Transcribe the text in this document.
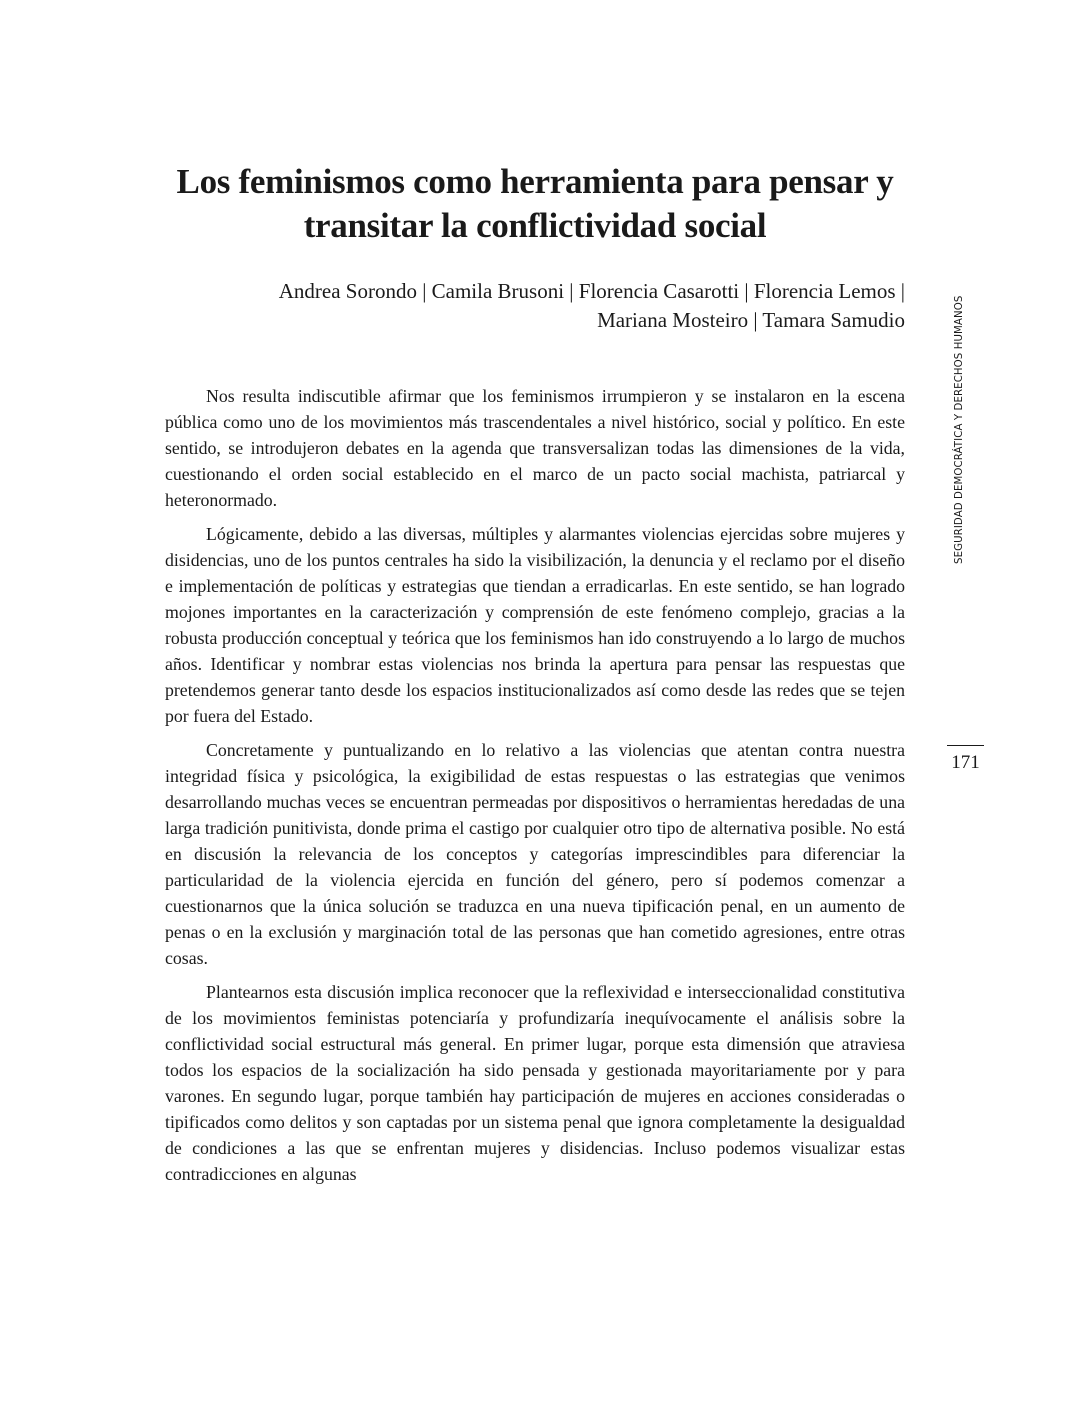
Los feminismos como herramienta para pensar y
transitar la conflictividad social
Andrea Sorondo | Camila Brusoni | Florencia Casarotti | Florencia Lemos |
Mariana Mosteiro | Tamara Samudio

Nos resulta indiscutible afirmar que los feminismos irrumpieron y se instalaron en la escena pública como uno de los movimientos más trascendentales a nivel histórico, social y político. En este sentido, se introdujeron debates en la agenda que transversalizan todas las dimensiones de la vida, cuestionando el orden social establecido en el marco de un pacto social machista, patriarcal y heteronormado.

Lógicamente, debido a las diversas, múltiples y alarmantes violencias ejercidas sobre mujeres y disidencias, uno de los puntos centrales ha sido la visibilización, la denuncia y el reclamo por el diseño e implementación de políticas y estrategias que tiendan a erradicarlas. En este sentido, se han logrado mojones importantes en la caracterización y comprensión de este fenómeno complejo, gracias a la robusta producción conceptual y teórica que los feminismos han ido construyendo a lo largo de muchos años. Identificar y nombrar estas violencias nos brinda la apertura para pensar las respuestas que pretendemos generar tanto desde los espacios institucionalizados así como desde las redes que se tejen por fuera del Estado.

Concretamente y puntualizando en lo relativo a las violencias que atentan contra nuestra integridad física y psicológica, la exigibilidad de estas respuestas o las estrategias que venimos desarrollando muchas veces se encuentran permeadas por dispositivos o herramientas heredadas de una larga tradición punitivista, donde prima el castigo por cualquier otro tipo de alternativa posible. No está en discusión la relevancia de los conceptos y categorías imprescindibles para diferenciar la particularidad de la violencia ejercida en función del género, pero sí podemos comenzar a cuestionarnos que la única solución se traduzca en una nueva tipificación penal, en un aumento de penas o en la exclusión y marginación total de las personas que han cometido agresiones, entre otras cosas.

Plantearnos esta discusión implica reconocer que la reflexividad e interseccionalidad constitutiva de los movimientos feministas potenciaría y profundizaría inequívocamente el análisis sobre la conflictividad social estructural más general. En primer lugar, porque esta dimensión que atraviesa todos los espacios de la socialización ha sido pensada y gestionada mayoritariamente por y para varones. En segundo lugar, porque también hay participación de mujeres en acciones consideradas o tipificados como delitos y son captadas por un sistema penal que ignora completamente la desigualdad de condiciones a las que se enfrentan mujeres y disidencias. Incluso podemos visualizar estas contradicciones en algunas

SEGURIDAD DEMOCRÁTICA Y DERECHOS HUMANOS
171
